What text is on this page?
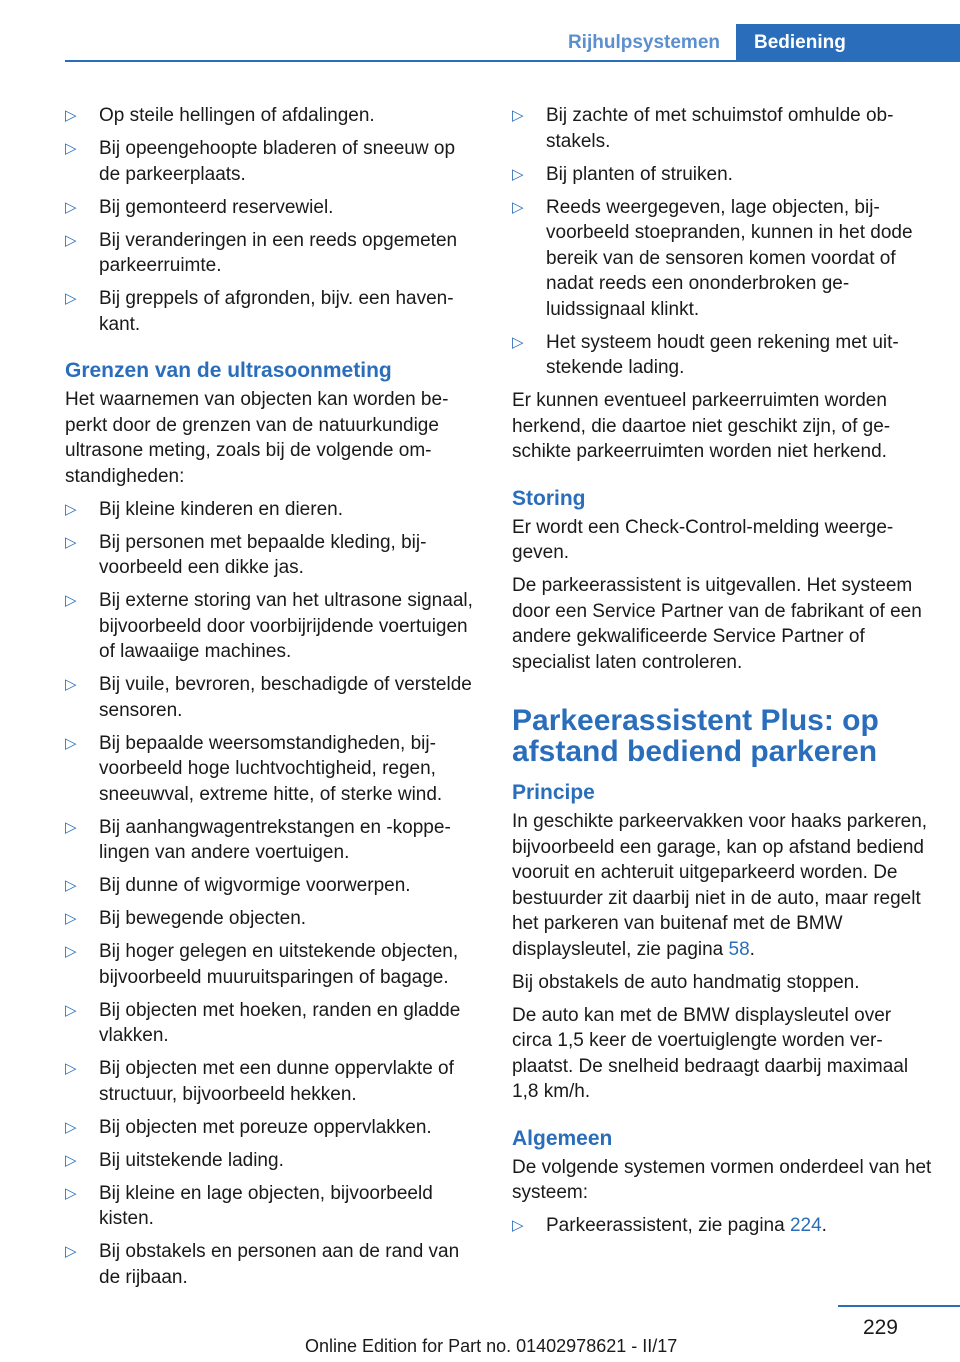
Rijhulpsystemen	Bediening
▷ Op steile hellingen of afdalingen.
▷ Bij opeengehoopte bladeren of sneeuw op de parkeerplaats.
▷ Bij gemonteerd reservewiel.
▷ Bij veranderingen in een reeds opgemeten parkeerruimte.
▷ Bij greppels of afgronden, bijv. een havenkant.
Grenzen van de ultrasoonmeting

Het waarnemen van objecten kan worden beperkt door de grenzen van de natuurkundige ultrasone meting, zoals bij de volgende omstandigheden:

▷ Bij kleine kinderen en dieren.
▷ Bij personen met bepaalde kleding, bijvoorbeeld een dikke jas.
▷ Bij externe storing van het ultrasone signaal, bijvoorbeeld door voorbijrijdende voertuigen of lawaaiige machines.
▷ Bij vuile, bevroren, beschadigde of verstelde sensoren.
▷ Bij bepaalde weersomstandigheden, bijvoorbeeld hoge luchtvochtigheid, regen, sneeuwval, extreme hitte, of sterke wind.
▷ Bij aanhangwagentrekstangen en ‑koppelingen van andere voertuigen.
▷ Bij dunne of wigvormige voorwerpen.
▷ Bij bewegende objecten.
▷ Bij hoger gelegen en uitstekende objecten, bijvoorbeeld muuruitsparingen of bagage.
▷ Bij objecten met hoeken, randen en gladde vlakken.
▷ Bij objecten met een dunne oppervlakte of structuur, bijvoorbeeld hekken.
▷ Bij objecten met poreuze oppervlakken.
▷ Bij uitstekende lading.
▷ Bij kleine en lage objecten, bijvoorbeeld kisten.
▷ Bij obstakels en personen aan de rand van de rijbaan.
▷ Bij zachte of met schuimstof omhulde obstakels.
▷ Bij planten of struiken.
▷ Reeds weergegeven, lage objecten, bijvoorbeeld stoepranden, kunnen in het dode bereik van de sensoren komen voordat of nadat reeds een ononderbroken geluidssignaal klinkt.
▷ Het systeem houdt geen rekening met uitstekende lading.

Er kunnen eventueel parkeerruimten worden herkend, die daartoe niet geschikt zijn, of geschikte parkeerruimten worden niet herkend.

Storing

Er wordt een Check-Control-melding weergegeven.

De parkeerassistent is uitgevallen. Het systeem door een Service Partner van de fabrikant of een andere gekwalificeerde Service Partner of specialist laten controleren.

Parkeerassistent Plus: op afstand bediend parkeren
Principe

In geschikte parkeervakken voor haaks parkeren, bijvoorbeeld een garage, kan op afstand bediend vooruit en achteruit uitgeparkeerd worden. De bestuurder zit daarbij niet in de auto, maar regelt het parkeren van buitenaf met de BMW displaysleutel, zie pagina 58.

Bij obstakels de auto handmatig stoppen.

De auto kan met de BMW displaysleutel over circa 1,5 keer de voertuiglengte worden verplaatst. De snelheid bedraagt daarbij maximaal 1,8 km/h.

Algemeen

De volgende systemen vormen onderdeel van het systeem:

▷ Parkeerassistent, zie pagina 224.
229
Online Edition for Part no. 01402978621 - II/17
